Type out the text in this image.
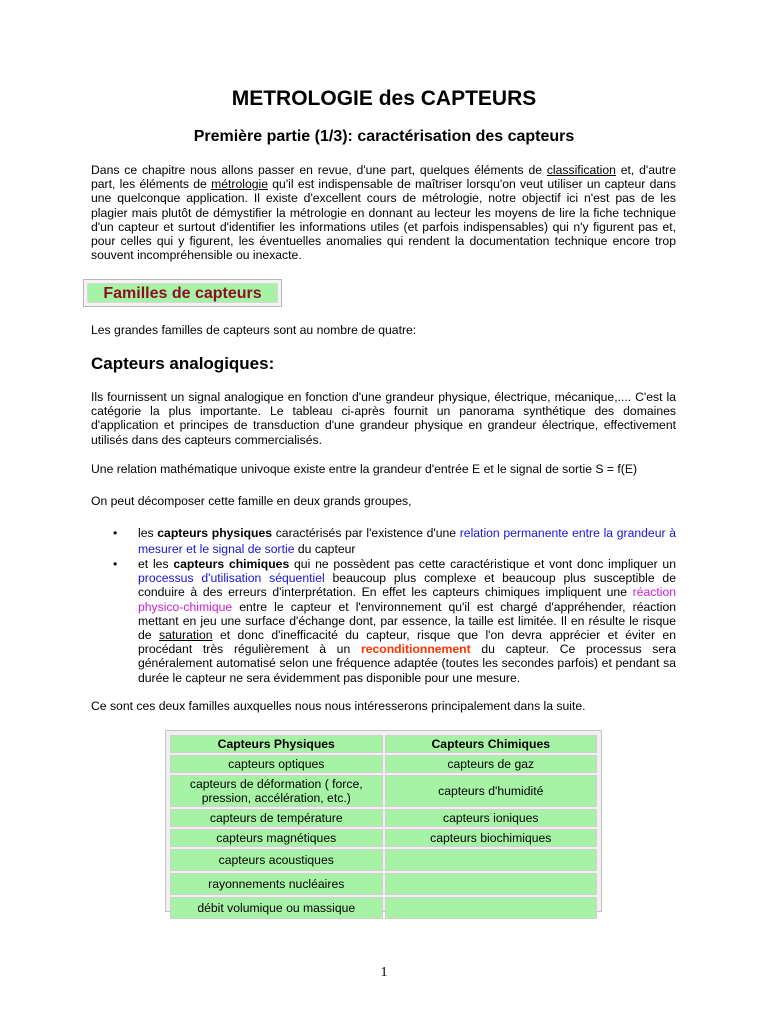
METROLOGIE des CAPTEURS
Première partie (1/3): caractérisation des capteurs

Dans ce chapitre nous allons passer en revue, d'une part, quelques éléments de classification et, d'autre part, les éléments de métrologie qu'il est indispensable de maîtriser lorsqu'on veut utiliser un capteur dans une quelconque application. Il existe d'excellent cours de métrologie, notre objectif ici n'est pas de les plagier mais plutôt de démystifier la métrologie en donnant au lecteur les moyens de lire la fiche technique d'un capteur et surtout d'identifier les informations utiles (et parfois indispensables) qui n'y figurent pas et, pour celles qui y figurent, les éventuelles anomalies qui rendent la documentation technique encore trop souvent incompréhensible ou inexacte.

Familles de capteurs

Les grandes familles de capteurs sont au nombre de quatre:

Capteurs analogiques:

Ils fournissent un signal analogique en fonction d'une grandeur physique, électrique, mécanique,.... C'est la catégorie la plus importante. Le tableau ci-après fournit un panorama synthétique des domaines d'application et principes de transduction d'une grandeur physique en grandeur électrique, effectivement utilisés dans des capteurs commercialisés.

Une relation mathématique univoque existe entre la grandeur d'entrée E et le signal de sortie S = f(E)

On peut décomposer cette famille en deux grands groupes,

• les capteurs physiques caractérisés par l'existence d'une relation permanente entre la grandeur à mesurer et le signal de sortie du capteur
• et les capteurs chimiques qui ne possèdent pas cette caractéristique et vont donc impliquer un processus d'utilisation séquentiel beaucoup plus complexe et beaucoup plus susceptible de conduire à des erreurs d'interprétation. En effet les capteurs chimiques impliquent une réaction physico-chimique entre le capteur et l'environnement qu'il est chargé d'appréhender, réaction mettant en jeu une surface d'échange dont, par essence, la taille est limitée. Il en résulte le risque de saturation et donc d'inefficacité du capteur, risque que l'on devra apprécier et éviter en procédant très régulièrement à un reconditionnement du capteur. Ce processus sera généralement automatisé selon une fréquence adaptée (toutes les secondes parfois) et pendant sa durée le capteur ne sera évidemment pas disponible pour une mesure.

Ce sont ces deux familles auxquelles nous nous intéresserons principalement dans la suite.

Capteurs Physiques	Capteurs Chimiques
capteurs optiques	capteurs de gaz
capteurs de déformation ( force, pression, accélération, etc.)	capteurs d'humidité
capteurs de température	capteurs ioniques
capteurs magnétiques	capteurs biochimiques
capteurs acoustiques	
rayonnements nucléaires	
débit volumique ou massique	
1
